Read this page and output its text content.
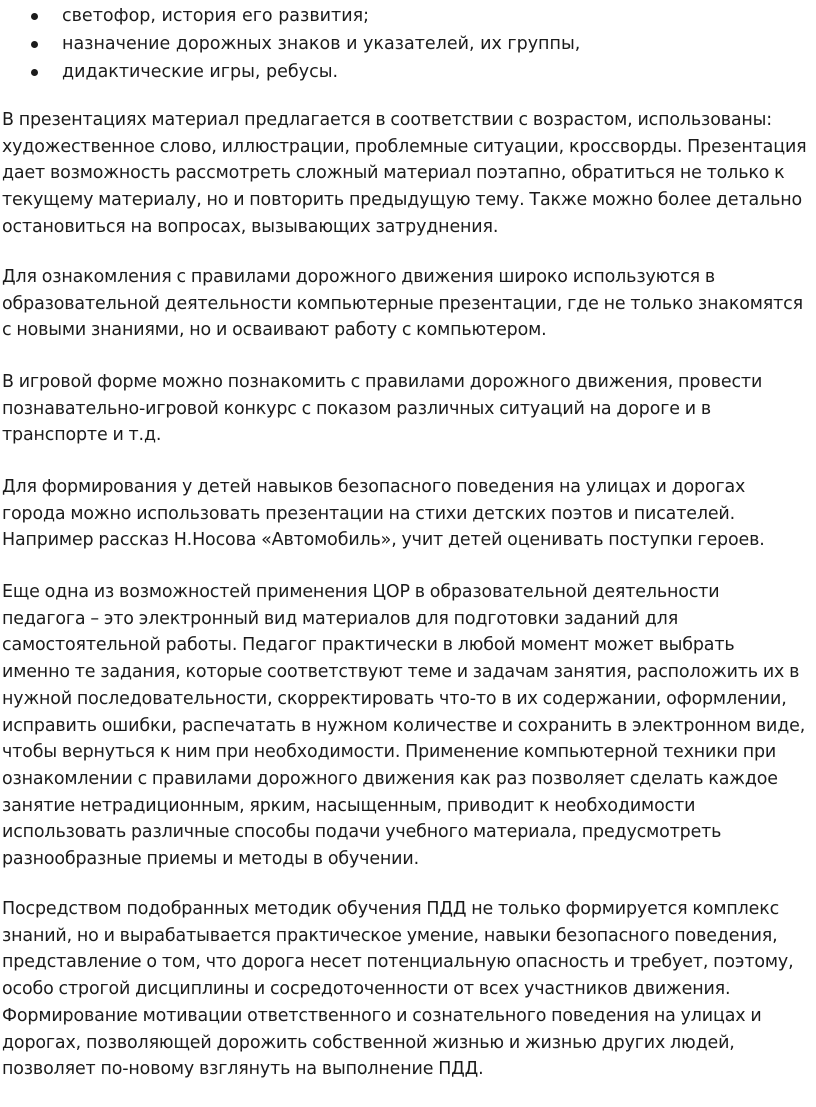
светофор, история его развития;
назначение дорожных знаков и указателей, их группы,
дидактические игры, ребусы.

В презентациях материал предлагается в соответствии с возрастом, использованы: художественное слово, иллюстрации, проблемные ситуации, кроссворды. Презентация дает возможность рассмотреть сложный материал поэтапно, обратиться не только к текущему материалу, но и повторить предыдущую тему. Также можно более детально остановиться на вопросах, вызывающих затруднения.

Для ознакомления с правилами дорожного движения широко используются в образовательной деятельности компьютерные презентации, где не только знакомятся с новыми знаниями, но и осваивают работу с компьютером.

В игровой форме можно познакомить с правилами дорожного движения, провести познавательно-игровой конкурс с показом различных ситуаций на дороге и в транспорте и т.д.

Для формирования у детей навыков безопасного поведения на улицах и дорогах города можно использовать презентации на стихи детских поэтов и писателей. Например рассказ Н.Носова «Автомобиль», учит детей оценивать поступки героев.

Еще одна из возможностей применения ЦОР в образовательной деятельности педагога – это электронный вид материалов для подготовки заданий для самостоятельной работы. Педагог практически в любой момент может выбрать именно те задания, которые соответствуют теме и задачам занятия, расположить их в нужной последовательности, скорректировать что-то в их содержании, оформлении, исправить ошибки, распечатать в нужном количестве и сохранить в электронном виде, чтобы вернуться к ним при необходимости. Применение компьютерной техники при ознакомлении с правилами дорожного движения как раз позволяет сделать каждое занятие нетрадиционным, ярким, насыщенным, приводит к необходимости использовать различные способы подачи учебного материала, предусмотреть разнообразные приемы и методы в обучении.

Посредством подобранных методик обучения ПДД не только формируется комплекс знаний, но и вырабатывается практическое умение, навыки безопасного поведения, представление о том, что дорога несет потенциальную опасность и требует, поэтому, особо строгой дисциплины и сосредоточенности от всех участников движения. Формирование мотивации ответственного и сознательного поведения на улицах и дорогах, позволяющей дорожить собственной жизнью и жизнью других людей, позволяет по-новому взглянуть на выполнение ПДД.
